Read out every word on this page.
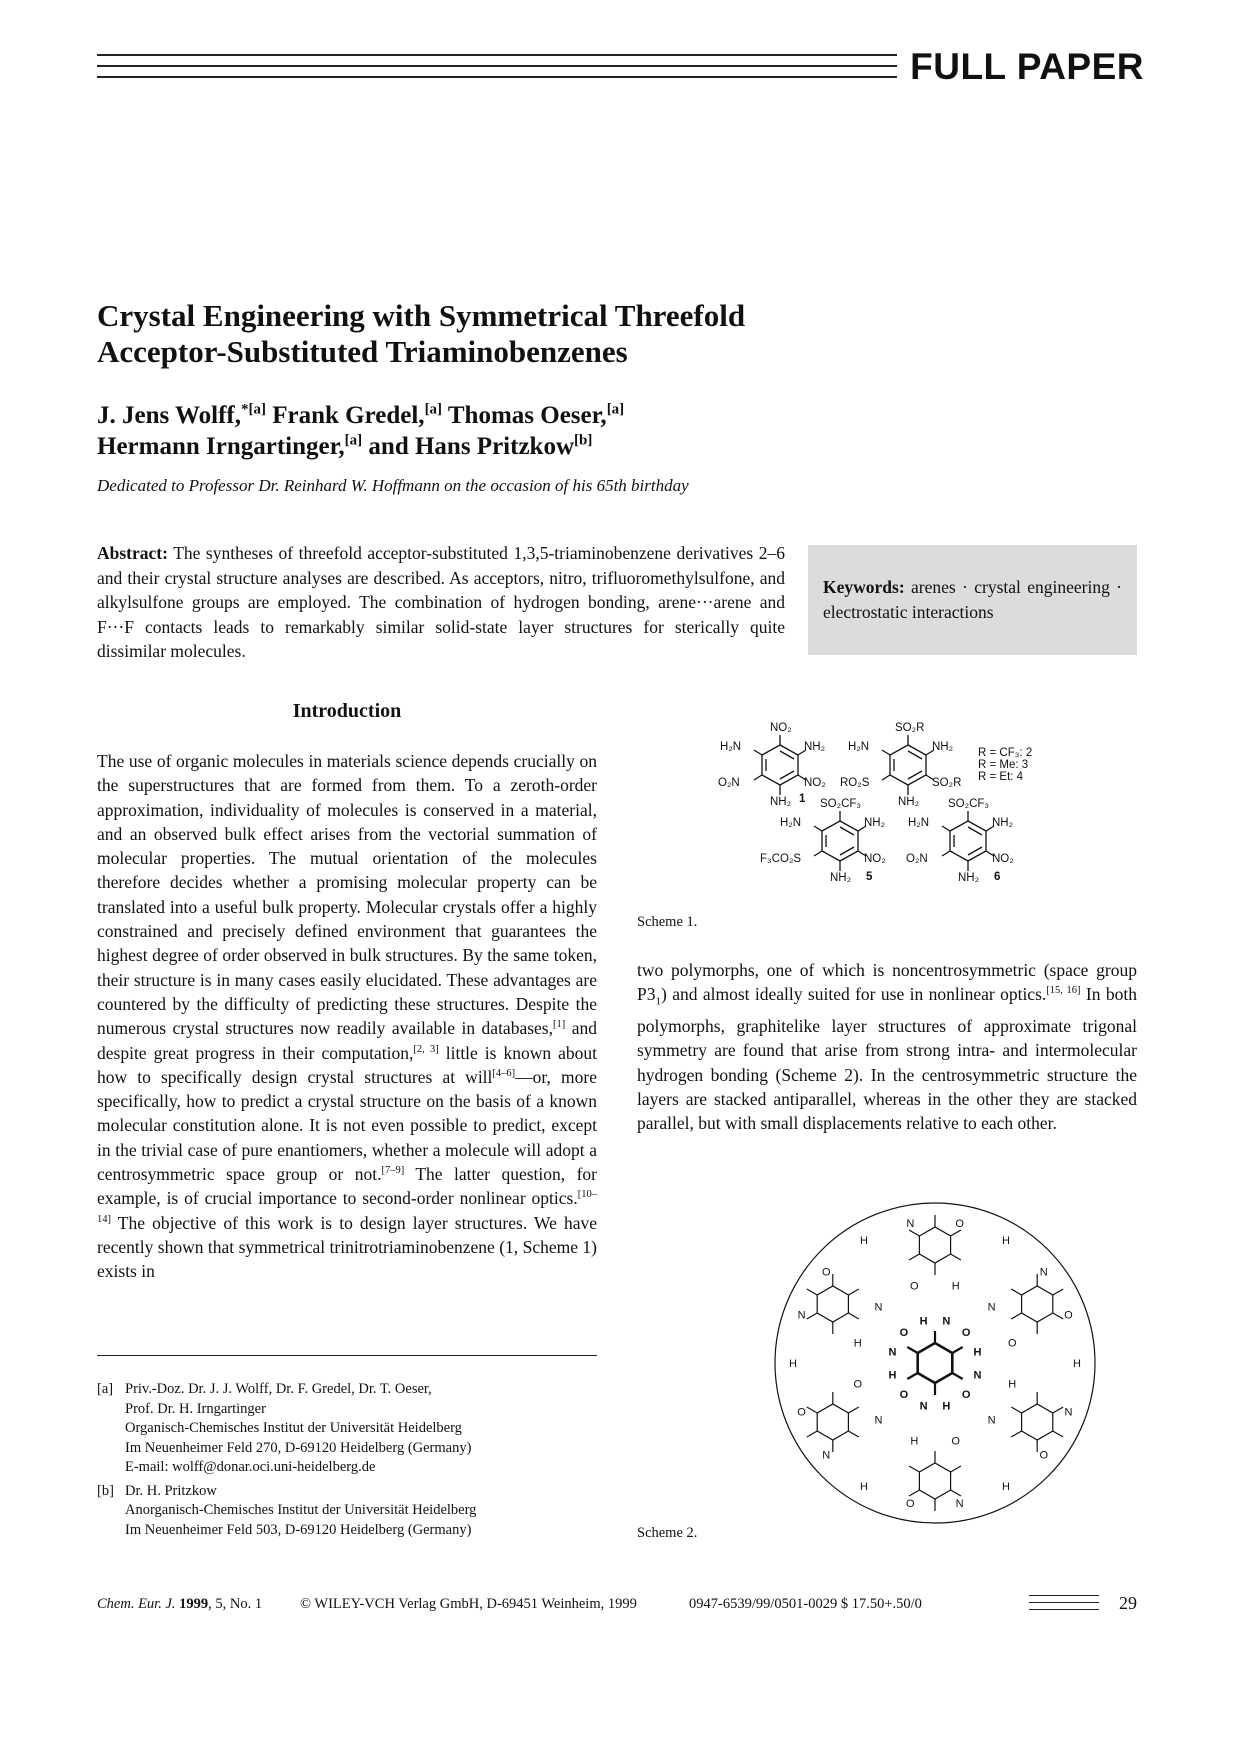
FULL PAPER
Crystal Engineering with Symmetrical Threefold
Acceptor-Substituted Triaminobenzenes
J. Jens Wolff,$^{*[a]}$ Frank Gredel,[a] Thomas Oeser,[a]
Hermann Irngartinger,[a] and Hans Pritzkow[b]
Dedicated to Professor Dr. Reinhard W. Hoffmann on the occasion of his 65th birthday
Abstract: The syntheses of threefold acceptor-substituted 1,3,5-triaminobenzene derivatives 2–6 and their crystal structure analyses are described. As acceptors, nitro, trifluoromethylsulfone, and alkylsulfone groups are employed. The combination of hydrogen bonding, arene···arene and F···F contacts leads to remarkably similar solid-state layer structures for sterically quite dissimilar molecules.
Keywords: arenes · crystal engineering · electrostatic interactions
Introduction

The use of organic molecules in materials science depends crucially on the superstructures that are formed from them. To a zeroth-order approximation, individuality of molecules is conserved in a material, and an observed bulk effect arises from the vectorial summation of molecular properties. The mutual orientation of the molecules therefore decides whether a promising molecular property can be translated into a useful bulk property. Molecular crystals offer a highly constrained and precisely defined environment that guarantees the highest degree of order observed in bulk structures. By the same token, their structure is in many cases easily elucidated. These advantages are countered by the difficulty of predicting these structures. Despite the numerous crystal structures now readily available in databases,[1] and despite great progress in their computation,[2, 3] little is known about how to specifically design crystal structures at will[4–6]—or, more specifically, how to predict a crystal structure on the basis of a known molecular constitution alone. It is not even possible to predict, except in the trivial case of pure enantiomers, whether a molecule will adopt a centrosymmetric space group or not.[7–9] The latter question, for example, is of crucial importance to second-order nonlinear optics.[10–14] The objective of this work is to design layer structures. We have recently shown that symmetrical trinitrotriaminobenzene (1, Scheme 1) exists in

[a] Priv.-Doz. Dr. J. J. Wolff, Dr. F. Gredel, Dr. T. Oeser,
Prof. Dr. H. Irngartinger
Organisch-Chemisches Institut der Universität Heidelberg
Im Neuenheimer Feld 270, D-69120 Heidelberg (Germany)
E-mail: wolff@donar.oci.uni-heidelberg.de
[b] Dr. H. Pritzkow
Anorganisch-Chemisches Institut der Universität Heidelberg
Im Neuenheimer Feld 503, D-69120 Heidelberg (Germany)
NO₂
H₂N	NH₂
O₂N	NO₂
NH₂ 1
SO₂R
H₂N	NH₂
RO₂S	SO₂R
NH₂
R = CF₃: 2
R = Me: 3
R = Et: 4
SO₂CF₃
H₂N	NH₂
F₃CO₂S	NO₂
NH₂ 5
SO₂CF₃
H₂N	NH₂
O₂N	NO₂
NH₂ 6
Scheme 1.

two polymorphs, one of which is noncentrosymmetric (space group $P3_1$) and almost ideally suited for use in nonlinear optics.[15, 16] In both polymorphs, graphitelike layer structures of approximate trigonal symmetry are found that arise from strong intra- and intermolecular hydrogen bonding (Scheme 2). In the centrosymmetric structure the layers are stacked antiparallel, whereas in the other they are stacked parallel, but with small displacements relative to each other.

N
H
O
N
H
O
N
H
O
N
H
O
N
H
O
N
H
O
N
H
O
N
H
O
O
H
N
O
H
N
O
H
N
O
H
N
O
H
N
O
H
N
Scheme 2.
Chem. Eur. J. 1999, 5, No. 1	© WILEY-VCH Verlag GmbH, D-69451 Weinheim, 1999	0947-6539/99/0501-0029 $ 17.50+.50/0	29
